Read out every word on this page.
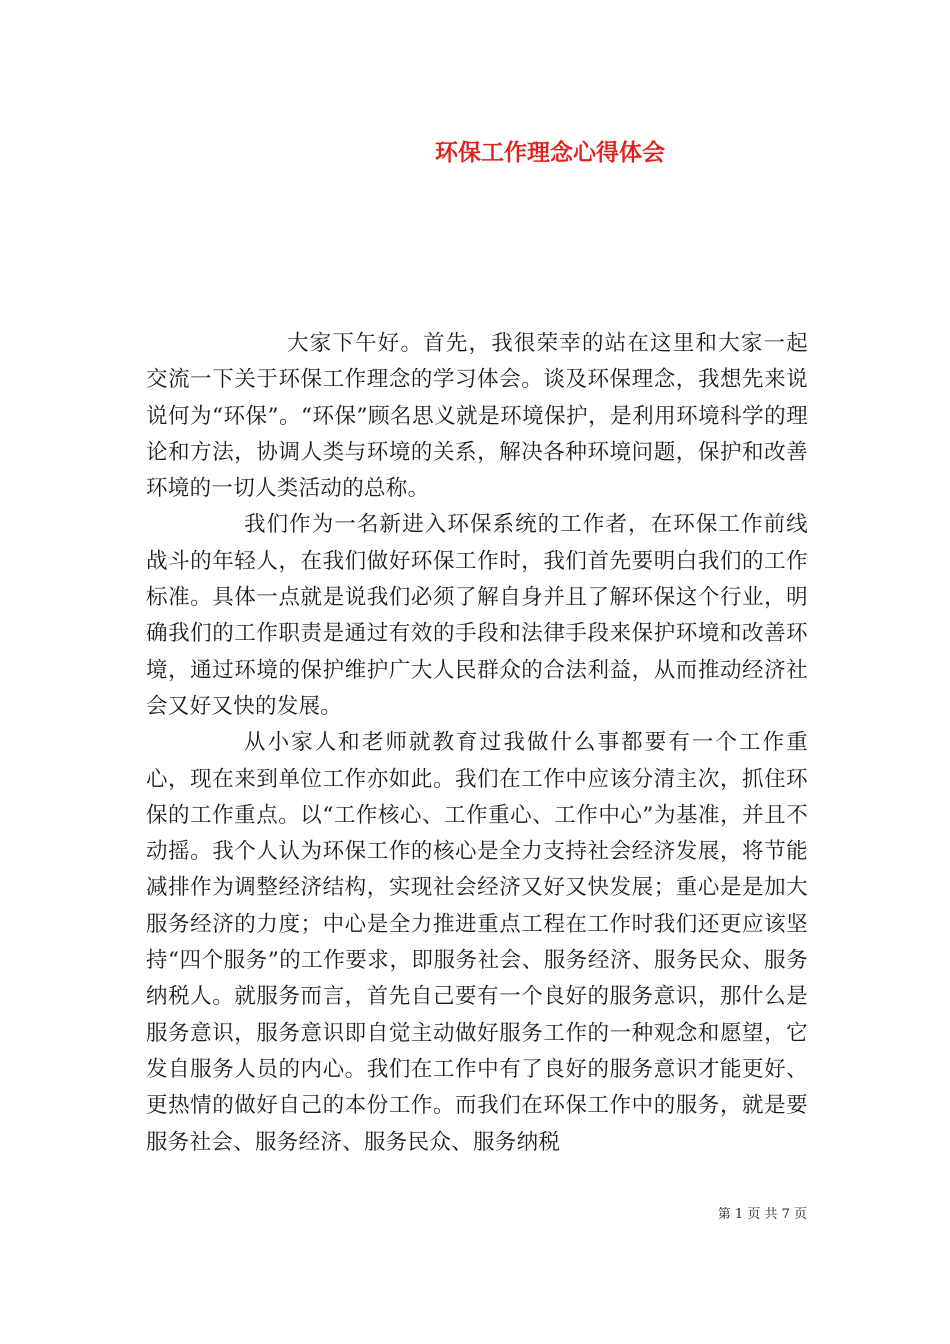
环保工作理念心得体会

大家下午好。首先，我很荣幸的站在这里和大家一起交流一下关于环保工作理念的学习体会。谈及环保理念，我想先来说说何为“环保”。“环保”顾名思义就是环境保护，是利用环境科学的理论和方法，协调人类与环境的关系，解决各种环境问题，保护和改善环境的一切人类活动的总称。

我们作为一名新进入环保系统的工作者，在环保工作前线战斗的年轻人，在我们做好环保工作时，我们首先要明白我们的工作标准。具体一点就是说我们必须了解自身并且了解环保这个行业，明确我们的工作职责是通过有效的手段和法律手段来保护环境和改善环境，通过环境的保护维护广大人民群众的合法利益，从而推动经济社会又好又快的发展。

从小家人和老师就教育过我做什么事都要有一个工作重心，现在来到单位工作亦如此。我们在工作中应该分清主次，抓住环保的工作重点。以“工作核心、工作重心、工作中心”为基准，并且不动摇。我个人认为环保工作的核心是全力支持社会经济发展，将节能减排作为调整经济结构，实现社会经济又好又快发展；重心是是加大服务经济的力度；中心是全力推进重点工程在工作时我们还更应该坚持“四个服务”的工作要求，即服务社会、服务经济、服务民众、服务纳税人。就服务而言，首先自己要有一个良好的服务意识，那什么是服务意识，服务意识即自觉主动做好服务工作的一种观念和愿望，它发自服务人员的内心。我们在工作中有了良好的服务意识才能更好、更热情的做好自己的本份工作。而我们在环保工作中的服务，就是要服务社会、服务经济、服务民众、服务纳税

第 1 页 共 7 页
